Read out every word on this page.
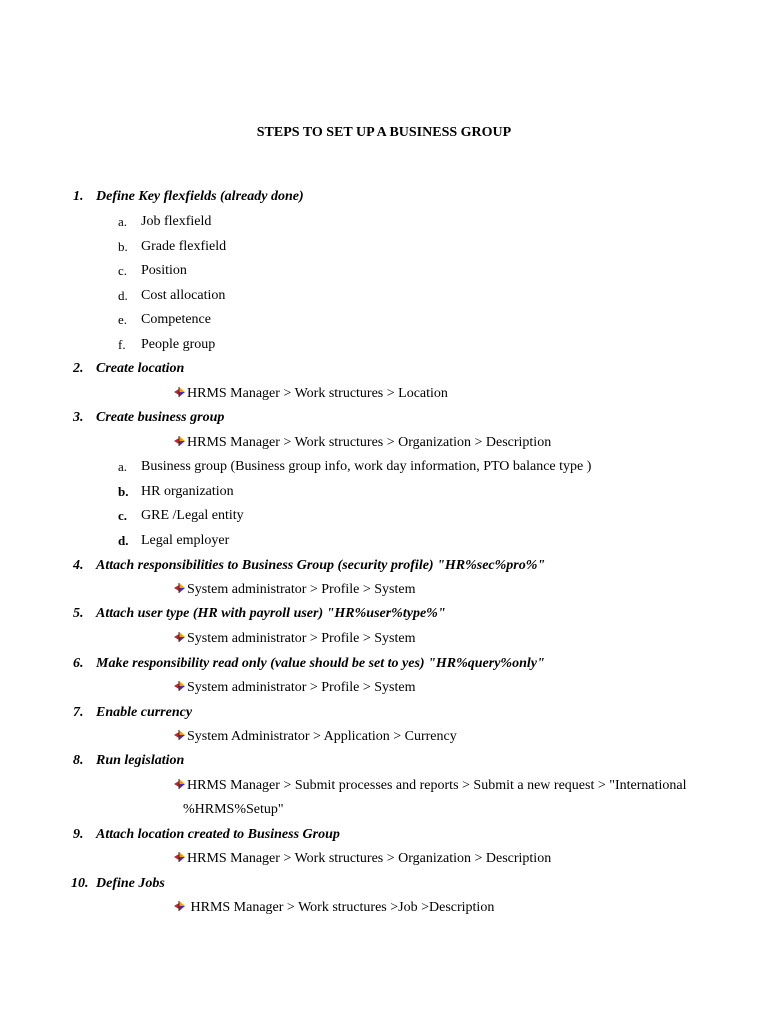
STEPS TO SET UP A BUSINESS GROUP
1. Define Key flexfields (already done)
a. Job flexfield
b. Grade flexfield
c. Position
d. Cost allocation
e. Competence
f. People group
2. Create location
HRMS Manager > Work structures > Location
3. Create business group
HRMS Manager > Work structures > Organization > Description
a. Business group (Business group info, work day information, PTO balance type )
b. HR organization
c. GRE /Legal entity
d. Legal employer
4. Attach responsibilities to Business Group (security profile) "HR%sec%pro%"
System administrator > Profile > System
5. Attach user type (HR with payroll user) "HR%user%type%"
System administrator > Profile > System
6. Make responsibility read only (value should be set to yes) "HR%query%only"
System administrator > Profile > System
7. Enable currency
System Administrator > Application > Currency
8. Run legislation
HRMS Manager > Submit processes and reports > Submit a new request > "International
%HRMS%Setup"
9. Attach location created to Business Group
HRMS Manager > Work structures > Organization > Description
10. Define Jobs
HRMS Manager > Work structures >Job >Description
